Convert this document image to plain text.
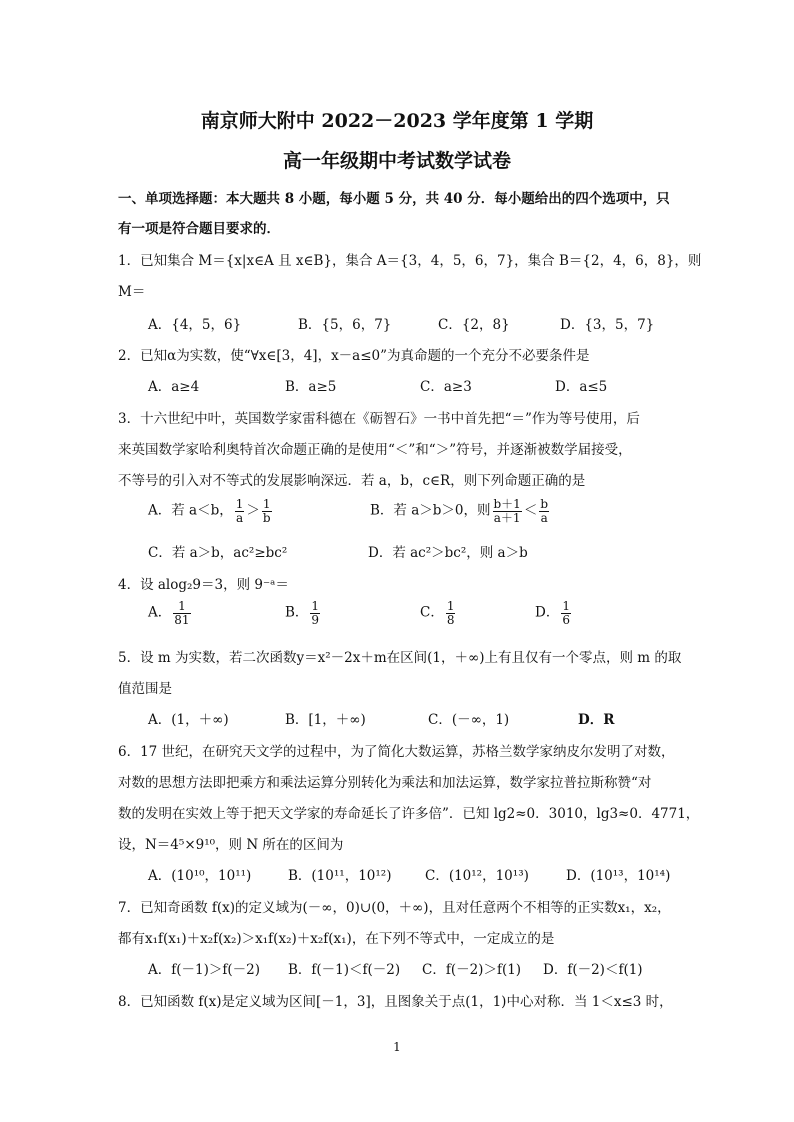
南京师大附中 2022－2023 学年度第 1 学期
高一年级期中考试数学试卷
一、单项选择题：本大题共 8 小题，每小题 5 分，共 40 分．每小题给出的四个选项中，只
有一项是符合题目要求的．
1．已知集合 M＝{x|x∈A 且 x∈B}，集合 A＝{3，4，5，6，7}，集合 B＝{2，4，6，8}，则
M＝
A．{4，5，6}	B．{5，6，7}	C．{2，8}	D．{3，5，7}
2．已知α为实数，使“∀x∈[3，4]，x－a≤0”为真命题的一个充分不必要条件是
A．a≥4	B．a≥5	C．a≥3	D．a≤5
3．十六世纪中叶，英国数学家雷科德在《砺智石》一书中首先把“＝”作为等号使用，后
来英国数学家哈利奥特首次命题正确的是使用“＜”和“＞”符号，并逐渐被数学届接受，
不等号的引入对不等式的发展影响深远．若 a，b，c∈R，则下列命题正确的是
A．若 a＜b， $\frac{1}{a} > \frac{1}{b}$	B．若 a＞b＞0，则 $\frac{b+1}{a+1} < \frac{b}{a}$
C．若 a＞b，ac²≥bc²	D．若 ac²＞bc²，则 a＞b
4．设 alog₂9＝3，则 9⁻ᵃ＝
A． $\frac{1}{81}$	B． $\frac{1}{9}$	C． $\frac{1}{8}$	D． $\frac{1}{6}$
5．设 m 为实数，若二次函数y＝x²－2x＋m在区间(1，＋∞)上有且仅有一个零点，则 m 的取
值范围是
A．(1，＋∞)	B．[1，＋∞)	C．(－∞，1)	D．R
6．17 世纪，在研究天文学的过程中，为了简化大数运算，苏格兰数学家纳皮尔发明了对数，
对数的思想方法即把乘方和乘法运算分别转化为乘法和加法运算，数学家拉普拉斯称赞“对
数的发明在实效上等于把天文学家的寿命延长了许多倍”．已知 lg2≈0．3010，lg3≈0．4771，
设，N＝4⁵×9¹⁰，则 N 所在的区间为
A．(10¹⁰，10¹¹)	B．(10¹¹，10¹²) C．(10¹²，10¹³)	D．(10¹³，10¹⁴)
7．已知奇函数 f(x)的定义域为(－∞，0)∪(0，＋∞)，且对任意两个不相等的正实数x₁，x₂，
都有x₁f(x₁)＋x₂f(x₂)＞x₁f(x₂)＋x₂f(x₁)，在下列不等式中，一定成立的是
A．f(－1)＞f(－2) B．f(－1)＜f(－2) C．f(－2)＞f(1) D．f(－2)＜f(1)
8．已知函数 f(x)是定义域为区间[－1，3]，且图象关于点(1，1)中心对称．当 1＜x≤3 时，
1
